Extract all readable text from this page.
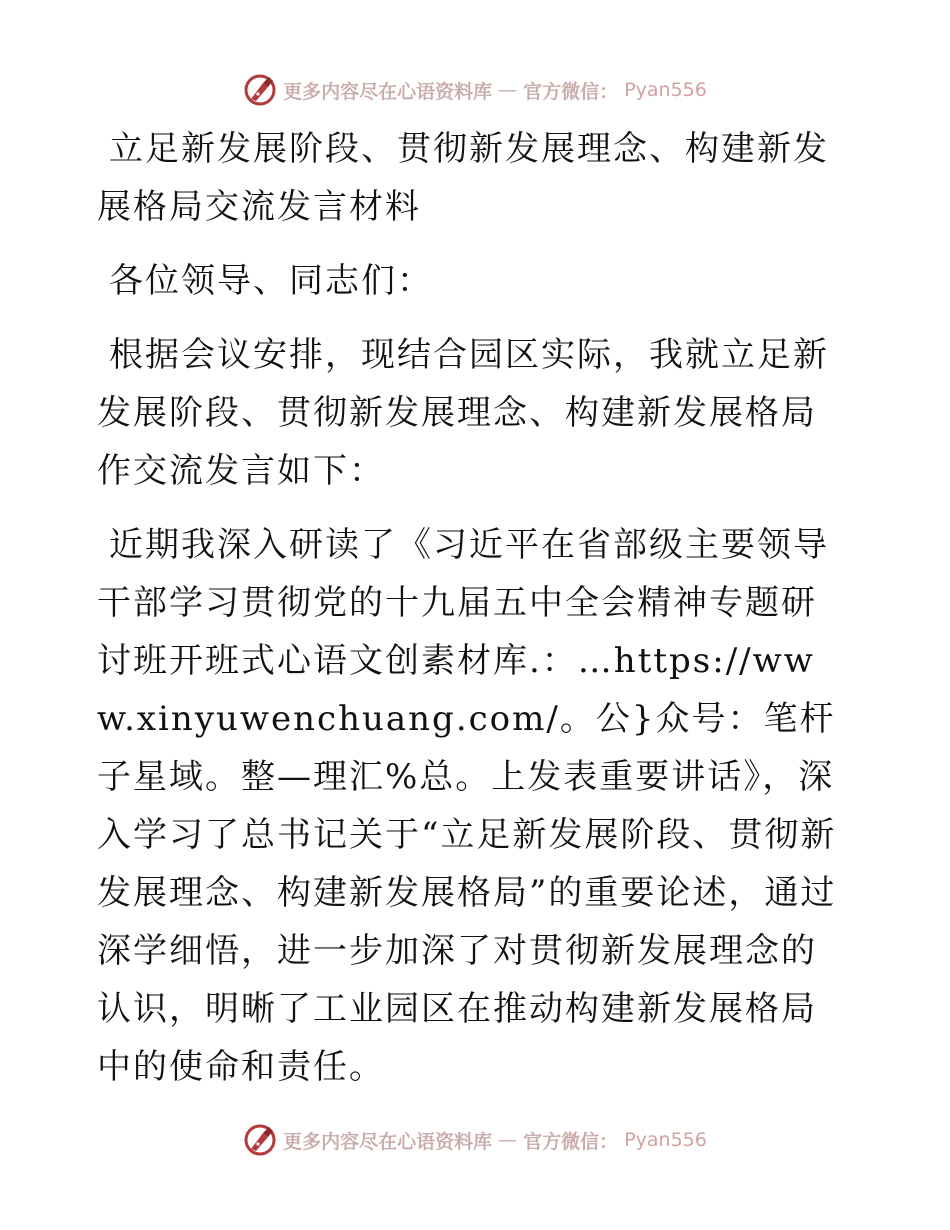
更多内容尽在心语资料库 — 官方微信： Pyan556

立足新发展阶段、贯彻新发展理念、构建新发展格局交流发言材料

各位领导、同志们：

根据会议安排，现结合园区实际，我就立足新发展阶段、贯彻新发展理念、构建新发展格局作交流发言如下：

近期我深入研读了《习近平在省部级主要领导干部学习贯彻党的十九届五中全会精神专题研讨班开班式心语文创素材库.：…https://www.xinyuwenchuang.com/。公}众号：笔杆子星域。整—理汇%总。上发表重要讲话》，深入学习了总书记关于“立足新发展阶段、贯彻新发展理念、构建新发展格局”的重要论述，通过深学细悟，进一步加深了对贯彻新发展理念的认识，明晰了工业园区在推动构建新发展格局中的使命和责任。

更多内容尽在心语资料库 — 官方微信： Pyan556
